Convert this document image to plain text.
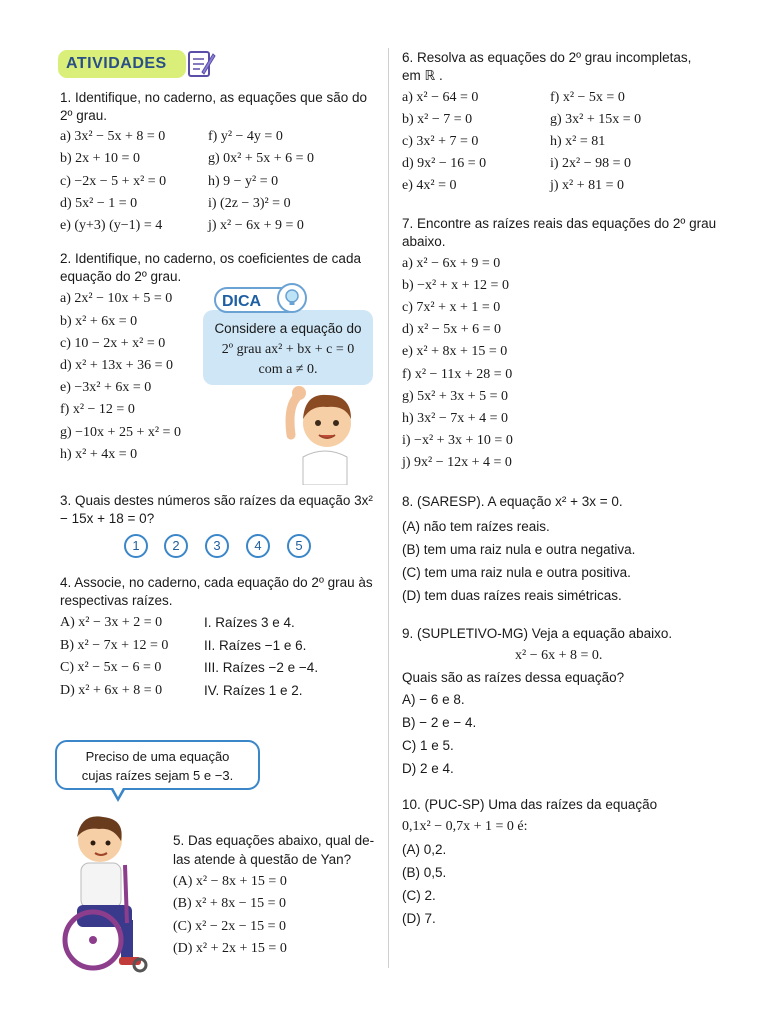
ATIVIDADES
1. Identifique, no caderno, as equações que são do
2º grau.
a) 3x² − 5x + 8 = 0
b) 2x + 10 = 0
c) −2x − 5 + x² = 0
d) 5x² − 1 = 0
e) (y+3) (y−1) = 4
f) y² − 4y = 0
g) 0x² + 5x + 6 = 0
h) 9 − y² = 0
i) (2z − 3)² = 0
j) x² − 6x + 9 = 0
2. Identifique, no caderno, os coeficientes de cada
equação do 2º grau.
a) 2x² − 10x + 5 = 0
b) x² + 6x = 0
c) 10 − 2x + x² = 0
d) x² + 13x + 36 = 0
e) −3x² + 6x = 0
f) x² − 12 = 0
g) −10x + 25 + x² = 0
h) x² + 4x = 0
DICA
Considere a equação do
2º grau ax² + bx + c = 0
com a ≠ 0.
3. Quais destes números são raízes da equação 3x²
− 15x + 18 = 0?
1	2	3	4	5
4. Associe, no caderno, cada equação do 2º grau às
respectivas raízes.
A) x² − 3x + 2 = 0
B) x² − 7x + 12 = 0
C) x² − 5x − 6 = 0
D) x² + 6x + 8 = 0
I. Raízes 3 e 4.
II. Raízes −1 e 6.
III. Raízes −2 e −4.
IV. Raízes 1 e 2.
Preciso de uma equação
cujas raízes sejam 5 e −3.
5. Das equações abaixo, qual de-
las atende à questão de Yan?
(A) x² − 8x + 15 = 0
(B) x² + 8x − 15 = 0
(C) x² − 2x − 15 = 0
(D) x² + 2x + 15 = 0
6. Resolva as equações do 2º grau incompletas,
em ℝ .
a) x² − 64 = 0
b) x² − 7 = 0
c) 3x² + 7 = 0
d) 9x² − 16 = 0
e) 4x² = 0
f) x² − 5x = 0
g) 3x² + 15x = 0
h) x² = 81
i) 2x² − 98 = 0
j) x² + 81 = 0
7. Encontre as raízes reais das equações do 2º grau
abaixo.
a) x² − 6x + 9 = 0
b) −x² + x + 12 = 0
c) 7x² + x + 1 = 0
d) x² − 5x + 6 = 0
e) x² + 8x + 15 = 0
f) x² − 11x + 28 = 0
g) 5x² + 3x + 5 = 0
h) 3x² − 7x + 4 = 0
i) −x² + 3x + 10 = 0
j) 9x² − 12x + 4 = 0
8. (SARESP). A equação x² + 3x = 0.
(A) não tem raízes reais.
(B) tem uma raiz nula e outra negativa.
(C) tem uma raiz nula e outra positiva.
(D) tem duas raízes reais simétricas.
9. (SUPLETIVO-MG) Veja a equação abaixo.
x² − 6x + 8 = 0.
Quais são as raízes dessa equação?
A) − 6 e 8.
B) − 2 e − 4.
C) 1 e 5.
D) 2 e 4.
10. (PUC-SP) Uma das raízes da equação
0,1x² − 0,7x + 1 = 0 é:
(A) 0,2.
(B) 0,5.
(C) 2.
(D) 7.
